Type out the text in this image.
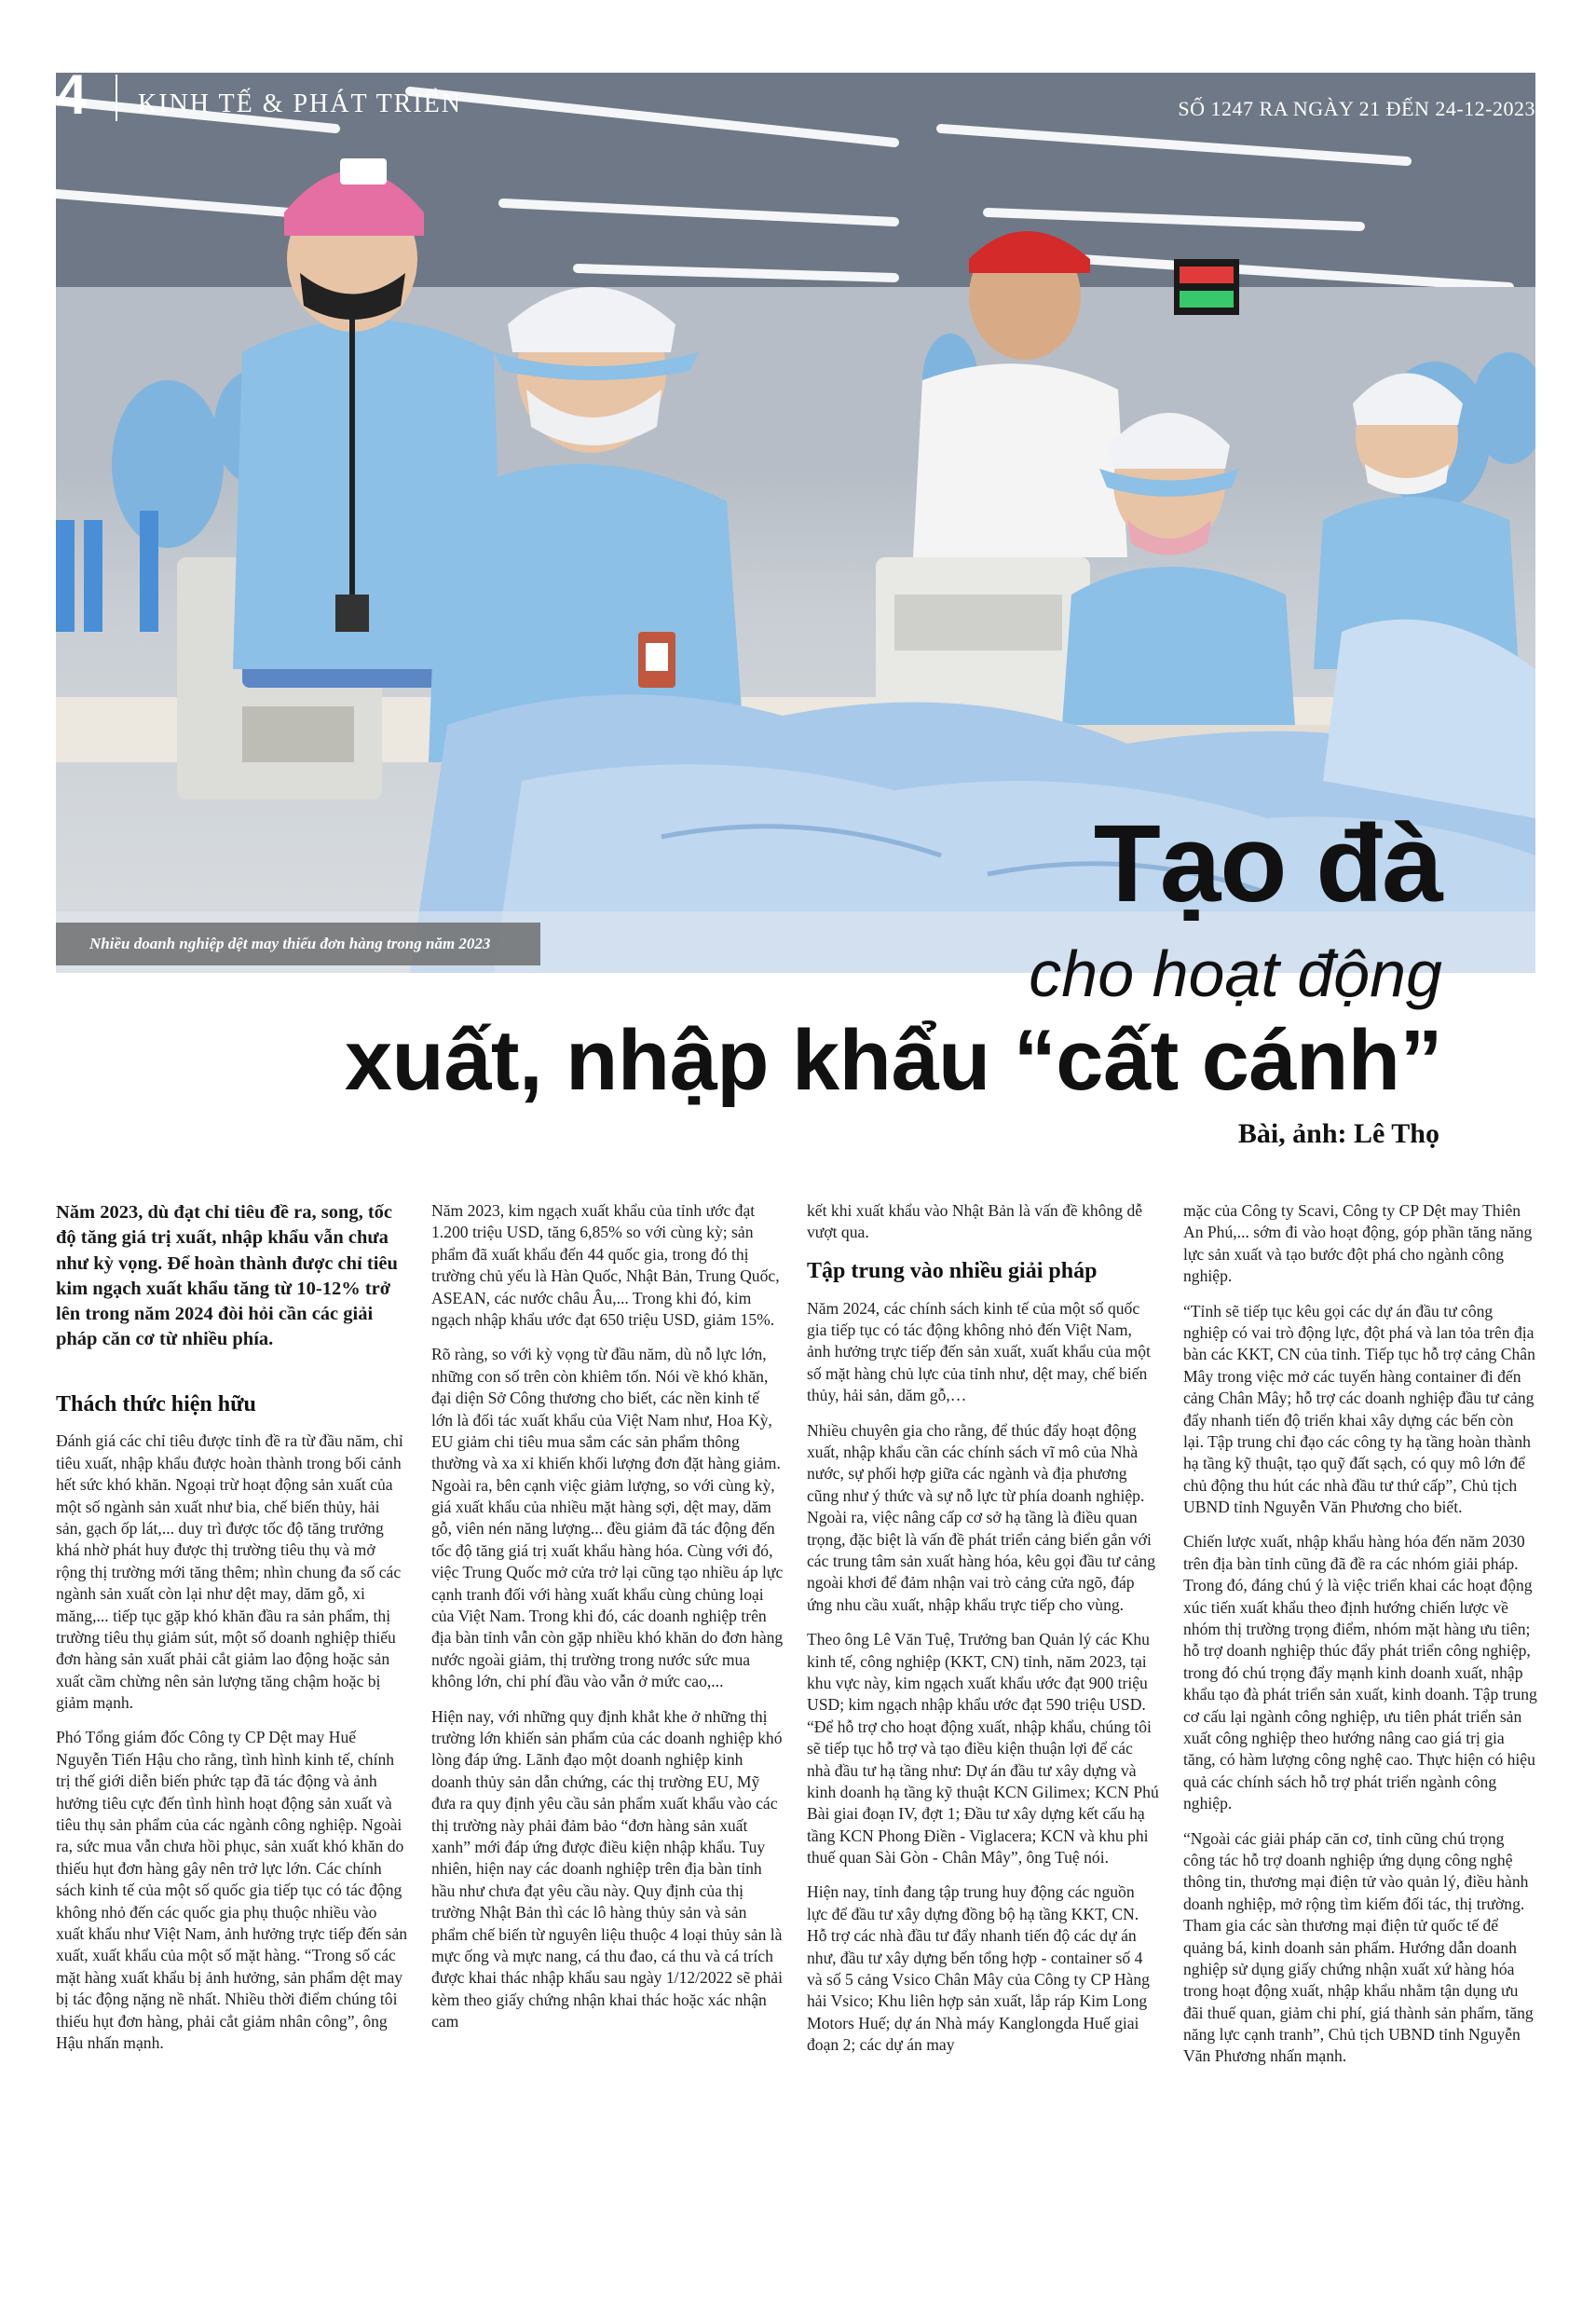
4 KINH TẾ & PHÁT TRIỂN	SỐ 1247 RA NGÀY 21 ĐẾN 24-12-2023
Nhiều doanh nghiệp dệt may thiếu đơn hàng trong năm 2023
Tạo đà
cho hoạt động
xuất, nhập khẩu “cất cánh”
Bài, ảnh: Lê Thọ

Năm 2023, dù đạt chỉ tiêu đề ra, song, tốc độ tăng giá trị xuất, nhập khẩu vẫn chưa như kỳ vọng. Để hoàn thành được chỉ tiêu kim ngạch xuất khẩu tăng từ 10-12% trở lên trong năm 2024 đòi hỏi cần các giải pháp căn cơ từ nhiều phía.

Thách thức hiện hữu

Đánh giá các chỉ tiêu được tỉnh đề ra từ đầu năm, chỉ tiêu xuất, nhập khẩu được hoàn thành trong bối cảnh hết sức khó khăn. Ngoại trừ hoạt động sản xuất của một số ngành sản xuất như bia, chế biến thủy, hải sản, gạch ốp lát,... duy trì được tốc độ tăng trưởng khá nhờ phát huy được thị trường tiêu thụ và mở rộng thị trường mới tăng thêm; nhìn chung đa số các ngành sản xuất còn lại như dệt may, dăm gỗ, xi măng,... tiếp tục gặp khó khăn đầu ra sản phẩm, thị trường tiêu thụ giảm sút, một số doanh nghiệp thiếu đơn hàng sản xuất phải cắt giảm lao động hoặc sản xuất cầm chừng nên sản lượng tăng chậm hoặc bị giảm mạnh.

Phó Tổng giám đốc Công ty CP Dệt may Huế Nguyễn Tiến Hậu cho rằng, tình hình kinh tế, chính trị thế giới diễn biến phức tạp đã tác động và ảnh hưởng tiêu cực đến tình hình hoạt động sản xuất và tiêu thụ sản phẩm của các ngành công nghiệp. Ngoài ra, sức mua vẫn chưa hồi phục, sản xuất khó khăn do thiếu hụt đơn hàng gây nên trở lực lớn. Các chính sách kinh tế của một số quốc gia tiếp tục có tác động không nhỏ đến các quốc gia phụ thuộc nhiều vào xuất khẩu như Việt Nam, ảnh hưởng trực tiếp đến sản xuất, xuất khẩu của một số mặt hàng. “Trong số các mặt hàng xuất khẩu bị ảnh hưởng, sản phẩm dệt may bị tác động nặng nề nhất. Nhiều thời điểm chúng tôi thiếu hụt đơn hàng, phải cắt giảm nhân công”, ông Hậu nhấn mạnh.

Năm 2023, kim ngạch xuất khẩu của tỉnh ước đạt 1.200 triệu USD, tăng 6,85% so với cùng kỳ; sản phẩm đã xuất khẩu đến 44 quốc gia, trong đó thị trường chủ yếu là Hàn Quốc, Nhật Bản, Trung Quốc, ASEAN, các nước châu Âu,... Trong khi đó, kim ngạch nhập khẩu ước đạt 650 triệu USD, giảm 15%.

Rõ ràng, so với kỳ vọng từ đầu năm, dù nỗ lực lớn, những con số trên còn khiêm tốn. Nói về khó khăn, đại diện Sở Công thương cho biết, các nền kinh tế lớn là đối tác xuất khẩu của Việt Nam như, Hoa Kỳ, EU giảm chi tiêu mua sắm các sản phẩm thông thường và xa xỉ khiến khối lượng đơn đặt hàng giảm. Ngoài ra, bên cạnh việc giảm lượng, so với cùng kỳ, giá xuất khẩu của nhiều mặt hàng sợi, dệt may, dăm gỗ, viên nén năng lượng... đều giảm đã tác động đến tốc độ tăng giá trị xuất khẩu hàng hóa. Cùng với đó, việc Trung Quốc mở cửa trở lại cũng tạo nhiều áp lực cạnh tranh đối với hàng xuất khẩu cùng chủng loại của Việt Nam. Trong khi đó, các doanh nghiệp trên địa bàn tỉnh vẫn còn gặp nhiều khó khăn do đơn hàng nước ngoài giảm, thị trường trong nước sức mua không lớn, chi phí đầu vào vẫn ở mức cao,...

Hiện nay, với những quy định khắt khe ở những thị trường lớn khiến sản phẩm của các doanh nghiệp khó lòng đáp ứng. Lãnh đạo một doanh nghiệp kinh doanh thủy sản dẫn chứng, các thị trường EU, Mỹ đưa ra quy định yêu cầu sản phẩm xuất khẩu vào các thị trường này phải đảm bảo “đơn hàng sản xuất xanh” mới đáp ứng được điều kiện nhập khẩu. Tuy nhiên, hiện nay các doanh nghiệp trên địa bàn tỉnh hầu như chưa đạt yêu cầu này. Quy định của thị trường Nhật Bản thì các lô hàng thủy sản và sản phẩm chế biến từ nguyên liệu thuộc 4 loại thủy sản là mực ống và mực nang, cá thu đao, cá thu và cá trích được khai thác nhập khẩu sau ngày 1/12/2022 sẽ phải kèm theo giấy chứng nhận khai thác hoặc xác nhận cam

kết khi xuất khẩu vào Nhật Bản là vấn đề không dễ vượt qua.

Tập trung vào nhiều giải pháp

Năm 2024, các chính sách kinh tế của một số quốc gia tiếp tục có tác động không nhỏ đến Việt Nam, ảnh hưởng trực tiếp đến sản xuất, xuất khẩu của một số mặt hàng chủ lực của tỉnh như, dệt may, chế biến thủy, hải sản, dăm gỗ,…

Nhiều chuyên gia cho rằng, để thúc đẩy hoạt động xuất, nhập khẩu cần các chính sách vĩ mô của Nhà nước, sự phối hợp giữa các ngành và địa phương cũng như ý thức và sự nỗ lực từ phía doanh nghiệp. Ngoài ra, việc nâng cấp cơ sở hạ tầng là điều quan trọng, đặc biệt là vấn đề phát triển cảng biển gắn với các trung tâm sản xuất hàng hóa, kêu gọi đầu tư cảng ngoài khơi để đảm nhận vai trò cảng cửa ngõ, đáp ứng nhu cầu xuất, nhập khẩu trực tiếp cho vùng.

Theo ông Lê Văn Tuệ, Trưởng ban Quản lý các Khu kinh tế, công nghiệp (KKT, CN) tỉnh, năm 2023, tại khu vực này, kim ngạch xuất khẩu ước đạt 900 triệu USD; kim ngạch nhập khẩu ước đạt 590 triệu USD. “Để hỗ trợ cho hoạt động xuất, nhập khẩu, chúng tôi sẽ tiếp tục hỗ trợ và tạo điều kiện thuận lợi để các nhà đầu tư hạ tầng như: Dự án đầu tư xây dựng và kinh doanh hạ tầng kỹ thuật KCN Gilimex; KCN Phú Bài giai đoạn IV, đợt 1; Đầu tư xây dựng kết cấu hạ tầng KCN Phong Điền - Viglacera; KCN và khu phi thuế quan Sài Gòn - Chân Mây”, ông Tuệ nói.

Hiện nay, tỉnh đang tập trung huy động các nguồn lực để đầu tư xây dựng đồng bộ hạ tầng KKT, CN. Hỗ trợ các nhà đầu tư đẩy nhanh tiến độ các dự án như, đầu tư xây dựng bến tổng hợp - container số 4 và số 5 cảng Vsico Chân Mây của Công ty CP Hàng hải Vsico; Khu liên hợp sản xuất, lắp ráp Kim Long Motors Huế; dự án Nhà máy Kanglongda Huế giai đoạn 2; các dự án may

mặc của Công ty Scavi, Công ty CP Dệt may Thiên An Phú,... sớm đi vào hoạt động, góp phần tăng năng lực sản xuất và tạo bước đột phá cho ngành công nghiệp.

“Tỉnh sẽ tiếp tục kêu gọi các dự án đầu tư công nghiệp có vai trò động lực, đột phá và lan tỏa trên địa bàn các KKT, CN của tỉnh. Tiếp tục hỗ trợ cảng Chân Mây trong việc mở các tuyến hàng container đi đến cảng Chân Mây; hỗ trợ các doanh nghiệp đầu tư cảng đẩy nhanh tiến độ triển khai xây dựng các bến còn lại. Tập trung chỉ đạo các công ty hạ tầng hoàn thành hạ tầng kỹ thuật, tạo quỹ đất sạch, có quy mô lớn để chủ động thu hút các nhà đầu tư thứ cấp”, Chủ tịch UBND tỉnh Nguyễn Văn Phương cho biết.

Chiến lược xuất, nhập khẩu hàng hóa đến năm 2030 trên địa bàn tỉnh cũng đã đề ra các nhóm giải pháp. Trong đó, đáng chú ý là việc triển khai các hoạt động xúc tiến xuất khẩu theo định hướng chiến lược về nhóm thị trường trọng điểm, nhóm mặt hàng ưu tiên; hỗ trợ doanh nghiệp thúc đẩy phát triển công nghiệp, trong đó chú trọng đẩy mạnh kinh doanh xuất, nhập khẩu tạo đà phát triển sản xuất, kinh doanh. Tập trung cơ cấu lại ngành công nghiệp, ưu tiên phát triển sản xuất công nghiệp theo hướng nâng cao giá trị gia tăng, có hàm lượng công nghệ cao. Thực hiện có hiệu quả các chính sách hỗ trợ phát triển ngành công nghiệp.

“Ngoài các giải pháp căn cơ, tỉnh cũng chú trọng công tác hỗ trợ doanh nghiệp ứng dụng công nghệ thông tin, thương mại điện tử vào quản lý, điều hành doanh nghiệp, mở rộng tìm kiếm đối tác, thị trường. Tham gia các sàn thương mại điện tử quốc tế để quảng bá, kinh doanh sản phẩm. Hướng dẫn doanh nghiệp sử dụng giấy chứng nhận xuất xứ hàng hóa trong hoạt động xuất, nhập khẩu nhằm tận dụng ưu đãi thuế quan, giảm chi phí, giá thành sản phẩm, tăng năng lực cạnh tranh”, Chủ tịch UBND tỉnh Nguyễn Văn Phương nhấn mạnh.
